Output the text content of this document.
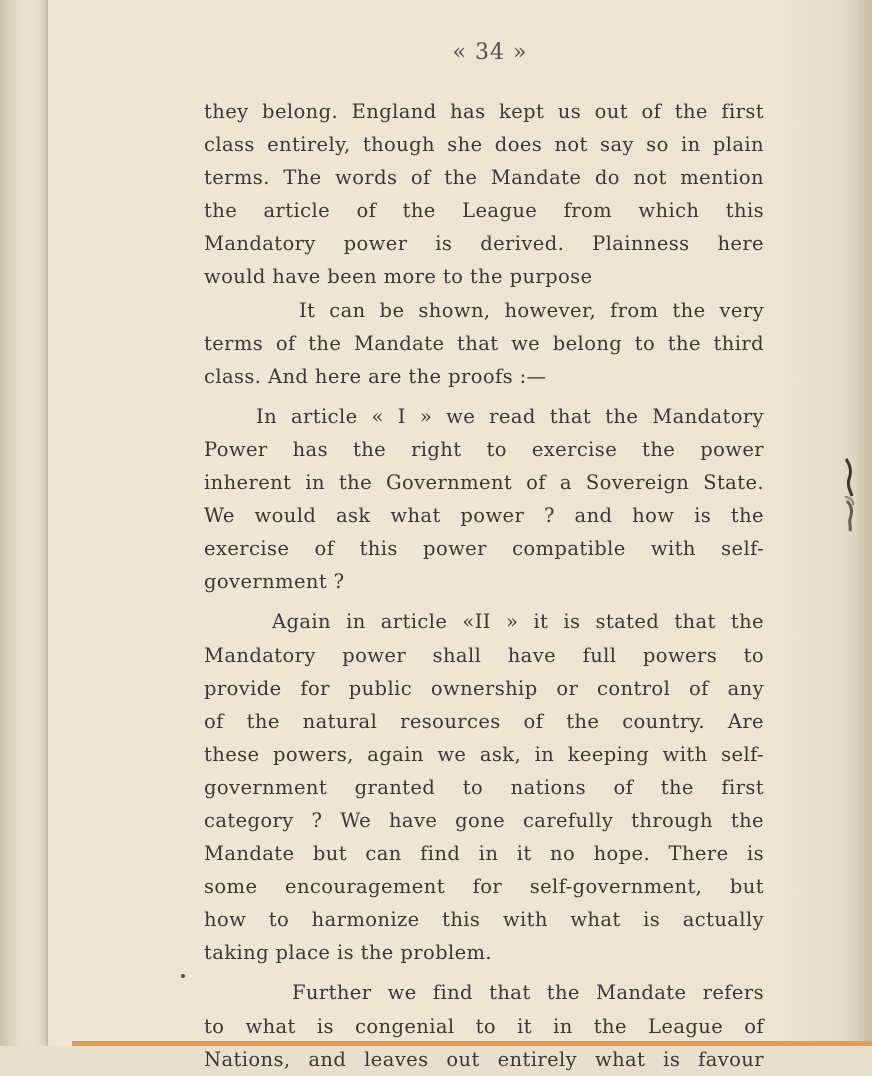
« 34 »
they belong. England has kept us out of the first
class entirely, though she does not say so in plain
terms. The words of the Mandate do not mention
the article of the League from which this
Mandatory power is derived. Plainness here
would have been more to the purpose
It can be shown, however, from the very
terms of the Mandate that we belong to the third
class. And here are the proofs :—
In article « I » we read that the Mandatory
Power has the right to exercise the power
inherent in the Government of a Sovereign State.
We would ask what power ? and how is the
exercise of this power compatible with self-
government ?
Again in article «II » it is stated that the
Mandatory power shall have full powers to
provide for public ownership or control of any
of the natural resources of the country. Are
these powers, again we ask, in keeping with self-
government granted to nations of the first
category ? We have gone carefully through the
Mandate but can find in it no hope. There is
some encouragement for self-government, but
how to harmonize this with what is actually
taking place is the problem.
Further we find that the Mandate refers
to what is congenial to it in the League of
Nations, and leaves out entirely what is favour
